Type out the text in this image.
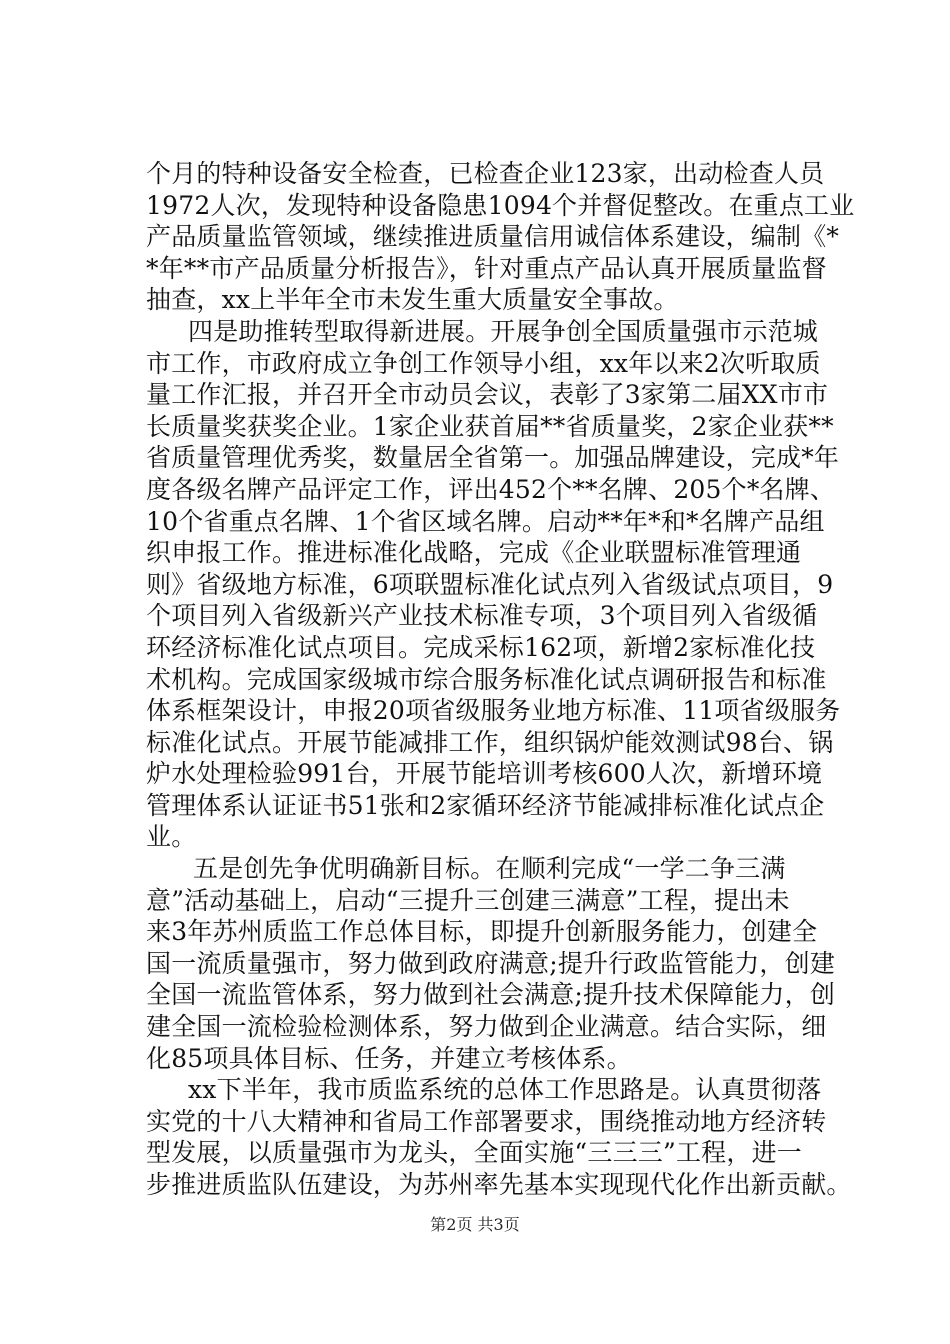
个月的特种设备安全检查，已检查企业123家，出动检查人员
1972人次，发现特种设备隐患1094个并督促整改。在重点工业
产品质量监管领域，继续推进质量信用诚信体系建设，编制《*
*年**市产品质量分析报告》，针对重点产品认真开展质量监督
抽查，xx上半年全市未发生重大质量安全事故。
四是助推转型取得新进展。开展争创全国质量强市示范城
市工作，市政府成立争创工作领导小组，xx年以来2次听取质
量工作汇报，并召开全市动员会议，表彰了3家第二届XX市市
长质量奖获奖企业。1家企业获首届**省质量奖，2家企业获**
省质量管理优秀奖，数量居全省第一。加强品牌建设，完成*年
度各级名牌产品评定工作，评出452个**名牌、205个*名牌、
10个省重点名牌、1个省区域名牌。启动**年*和*名牌产品组
织申报工作。推进标准化战略，完成《企业联盟标准管理通
则》省级地方标准，6项联盟标准化试点列入省级试点项目，9
个项目列入省级新兴产业技术标准专项，3个项目列入省级循
环经济标准化试点项目。完成采标162项，新增2家标准化技
术机构。完成国家级城市综合服务标准化试点调研报告和标准
体系框架设计，申报20项省级服务业地方标准、11项省级服务
标准化试点。开展节能减排工作，组织锅炉能效测试98台、锅
炉水处理检验991台，开展节能培训考核600人次，新增环境
管理体系认证证书51张和2家循环经济节能减排标准化试点企
业。
五是创先争优明确新目标。在顺利完成“一学二争三满
意”活动基础上，启动“三提升三创建三满意”工程，提出未
来3年苏州质监工作总体目标，即提升创新服务能力，创建全
国一流质量强市，努力做到政府满意;提升行政监管能力，创建
全国一流监管体系，努力做到社会满意;提升技术保障能力，创
建全国一流检验检测体系，努力做到企业满意。结合实际，细
化85项具体目标、任务，并建立考核体系。
xx下半年，我市质监系统的总体工作思路是。认真贯彻落
实党的十八大精神和省局工作部署要求，围绕推动地方经济转
型发展，以质量强市为龙头，全面实施“三三三”工程，进一
步推进质监队伍建设，为苏州率先基本实现现代化作出新贡献。
第2页 共3页
